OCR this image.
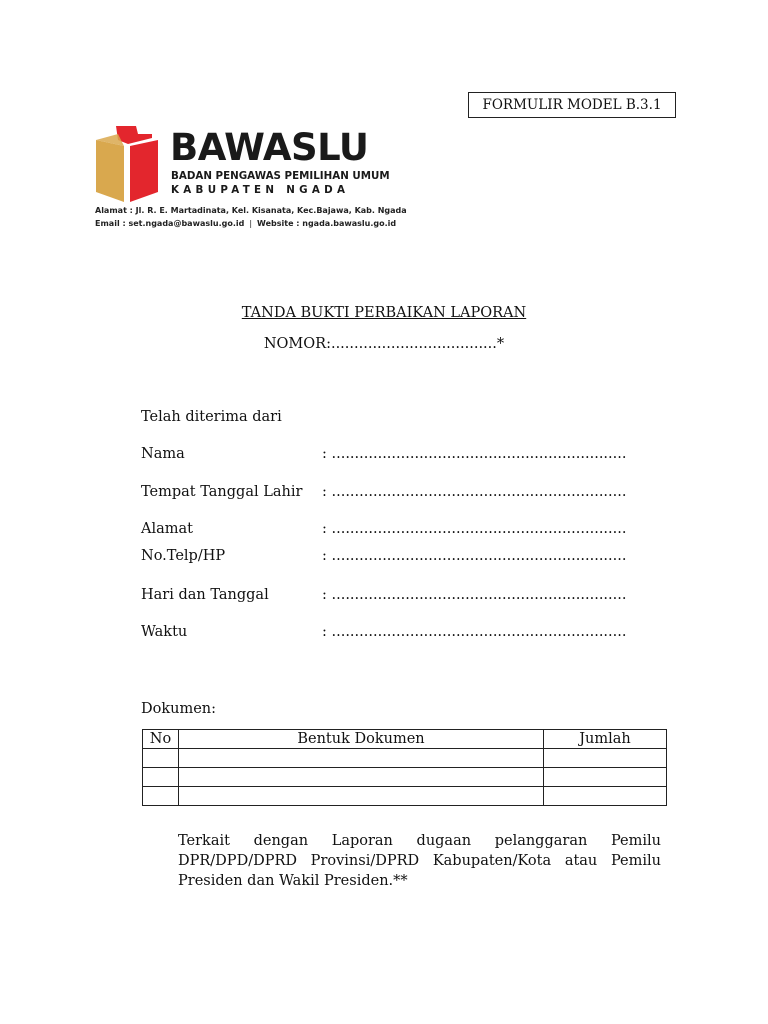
FORMULIR MODEL B.3.1
BAWASLU
BADAN PENGAWAS PEMILIHAN UMUM
KABUPATEN NGADA
Alamat : Jl. R. E. Martadinata, Kel. Kisanata, Kec.Bajawa, Kab. Ngada
Email : set.ngada@bawaslu.go.id | Website : ngada.bawaslu.go.id
TANDA BUKTI PERBAIKAN LAPORAN
NOMOR:....................................*
Telah diterima dari
Nama	: ................................................................
Tempat Tanggal Lahir : ................................................................
Alamat	: ................................................................
No.Telp/HP	: ................................................................
Hari dan Tanggal	: ................................................................
Waktu	: ................................................................
Dokumen:
No	Bentuk Dokumen	Jumlah

Terkait dengan Laporan dugaan pelanggaran Pemilu DPR/DPD/DPRD Provinsi/DPRD Kabupaten/Kota atau Pemilu Presiden dan Wakil Presiden.**
